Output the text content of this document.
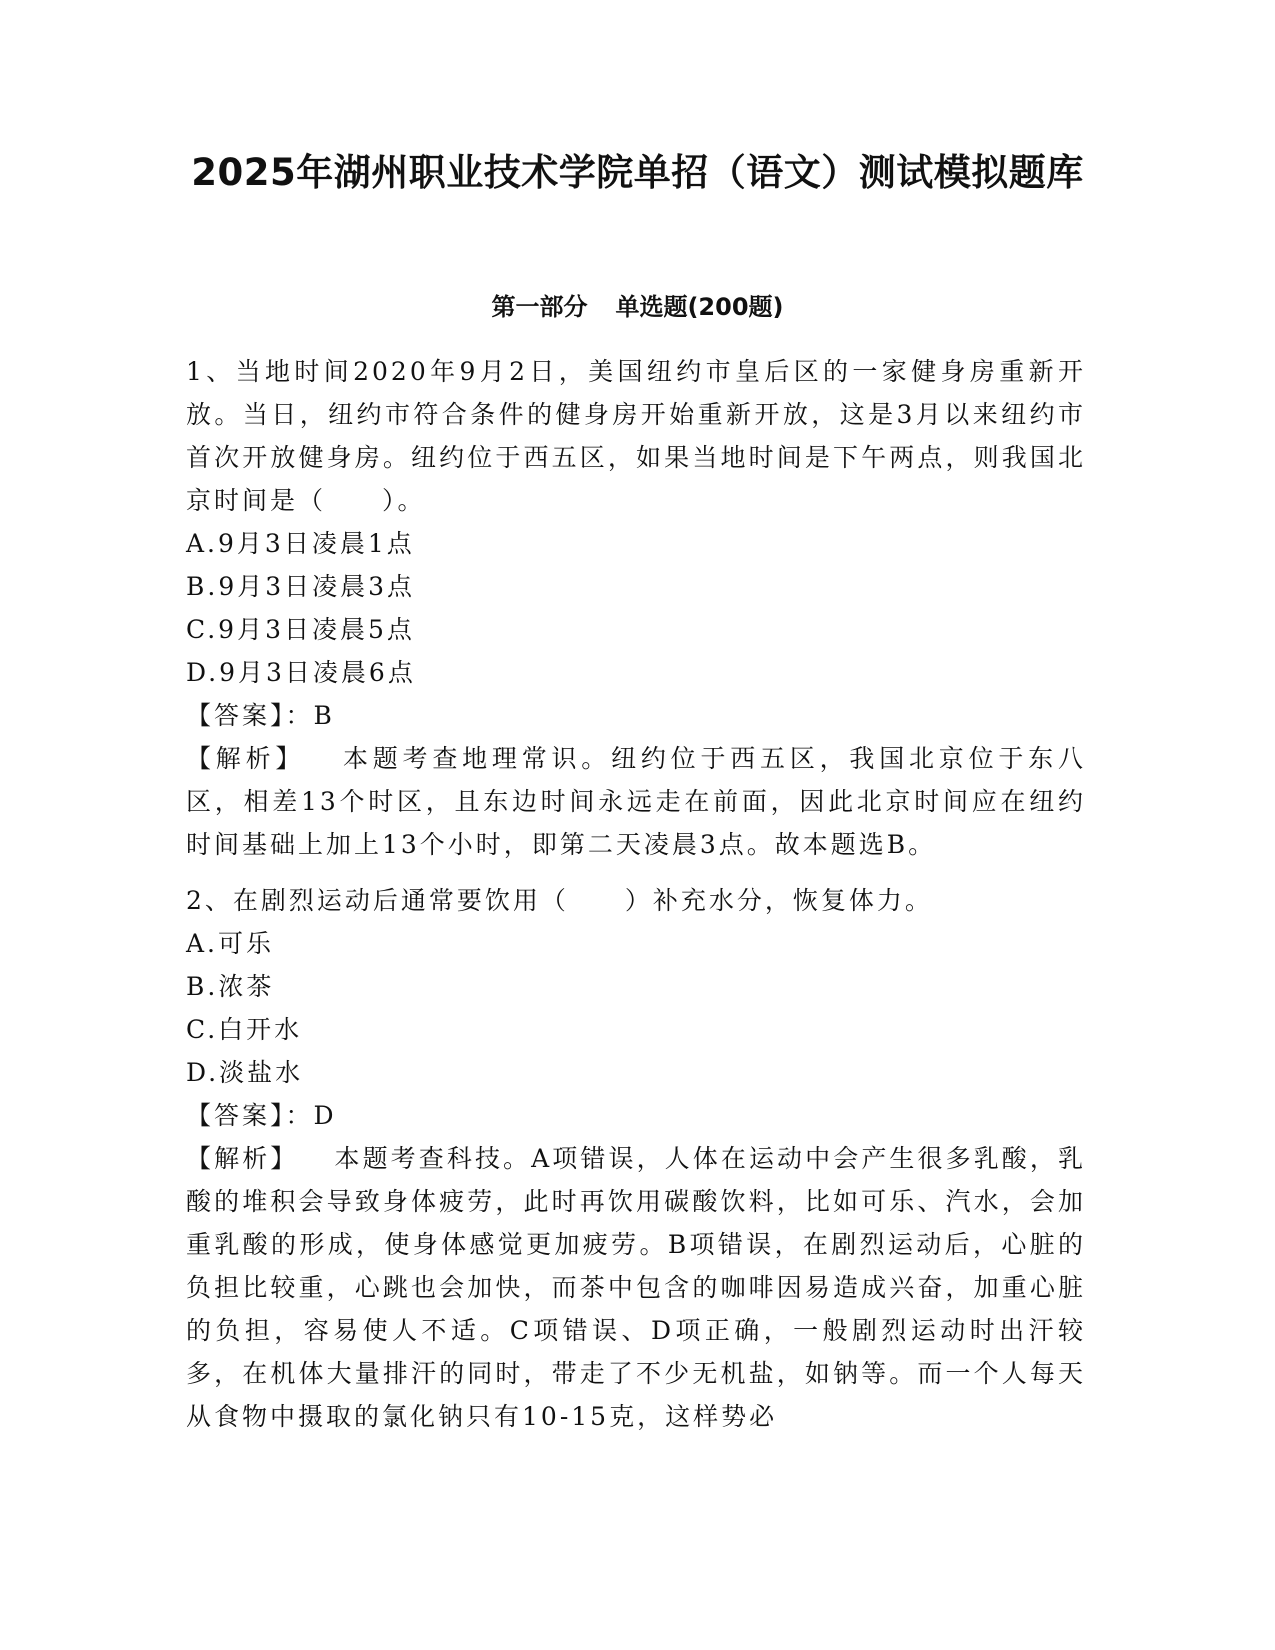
2025年湖州职业技术学院单招（语文）测试模拟题库
第一部分 单选题(200题)

1、当地时间2020年9月2日，美国纽约市皇后区的一家健身房重新开放。当日，纽约市符合条件的健身房开始重新开放，这是3月以来纽约市首次开放健身房。纽约位于西五区，如果当地时间是下午两点，则我国北京时间是（　　）。

A.9月3日凌晨1点

B.9月3日凌晨3点

C.9月3日凌晨5点

D.9月3日凌晨6点

【答案】：B

【解析】 本题考查地理常识。纽约位于西五区，我国北京位于东八区，相差13个时区，且东边时间永远走在前面，因此北京时间应在纽约时间基础上加上13个小时，即第二天凌晨3点。故本题选B。

2、在剧烈运动后通常要饮用（　　）补充水分，恢复体力。

A.可乐

B.浓茶

C.白开水

D.淡盐水

【答案】：D

【解析】 本题考查科技。A项错误，人体在运动中会产生很多乳酸，乳酸的堆积会导致身体疲劳，此时再饮用碳酸饮料，比如可乐、汽水，会加重乳酸的形成，使身体感觉更加疲劳。B项错误，在剧烈运动后，心脏的负担比较重，心跳也会加快，而茶中包含的咖啡因易造成兴奋，加重心脏的负担，容易使人不适。C项错误、D项正确，一般剧烈运动时出汗较多，在机体大量排汗的同时，带走了不少无机盐，如钠等。而一个人每天从食物中摄取的氯化钠只有10-15克，这样势必
